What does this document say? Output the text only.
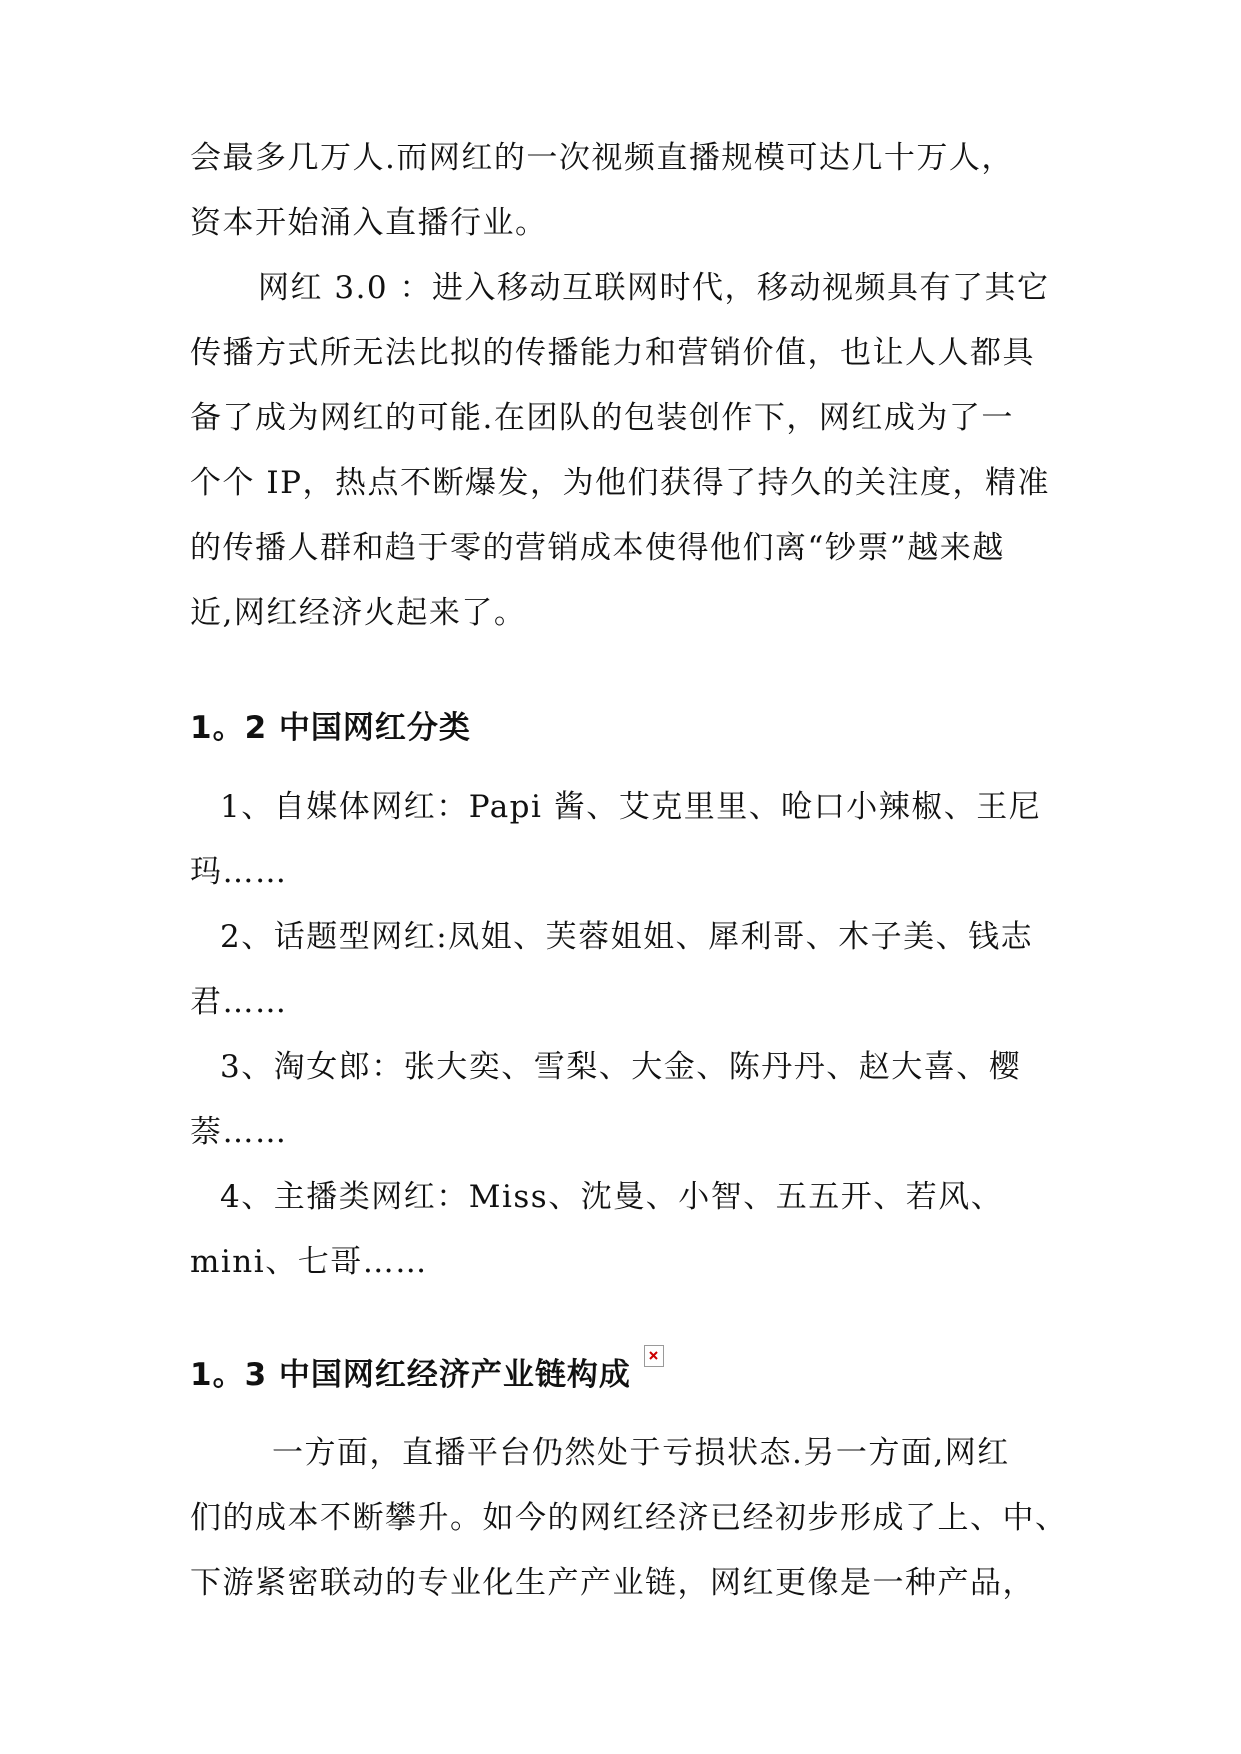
会最多几万人.而网红的一次视频直播规模可达几十万人，
资本开始涌入直播行业。
网红 3.0 ：进入移动互联网时代，移动视频具有了其它
传播方式所无法比拟的传播能力和营销价值，也让人人都具
备了成为网红的可能.在团队的包装创作下，网红成为了一
个个 IP，热点不断爆发，为他们获得了持久的关注度，精准
的传播人群和趋于零的营销成本使得他们离“钞票”越来越
近,网红经济火起来了。
1。2 中国网红分类
1、自媒体网红：Papi 酱、艾克里里、呛口小辣椒、王尼
玛……
2、话题型网红:凤姐、芙蓉姐姐、犀利哥、木子美、钱志
君……
3、淘女郎：张大奕、雪梨、大金、陈丹丹、赵大喜、樱
萘……
4、主播类网红：Miss、沈曼、小智、五五开、若风、
mini、七哥……
1。3 中国网红经济产业链构成
一方面，直播平台仍然处于亏损状态.另一方面,网红
们的成本不断攀升。如今的网红经济已经初步形成了上、中、
下游紧密联动的专业化生产产业链，网红更像是一种产品，
